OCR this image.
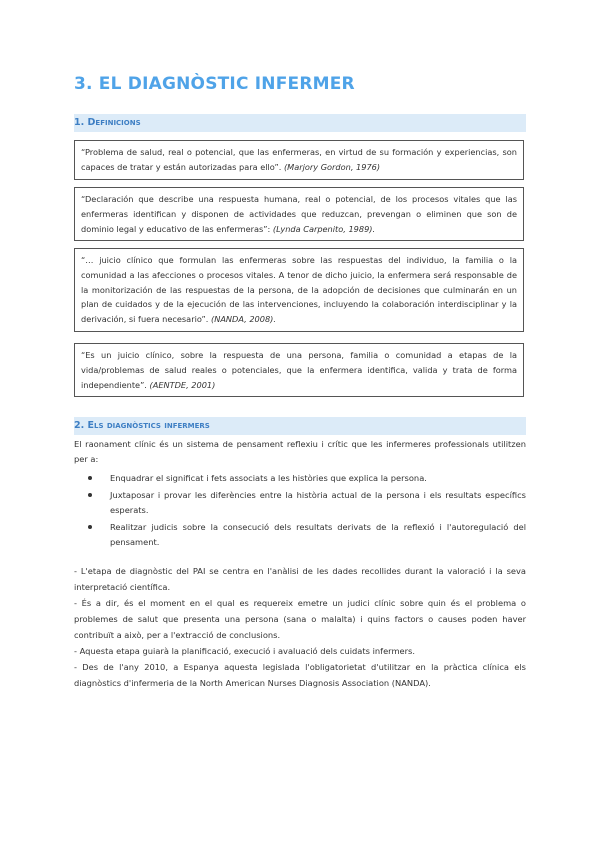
3. EL DIAGNÒSTIC INFERMER
1. Definicions
“Problema de salud, real o potencial, que las enfermeras, en virtud de su formación y experiencias, son capaces de tratar y están autorizadas para ello”. (Marjory Gordon, 1976)
“Declaración que describe una respuesta humana, real o potencial, de los procesos vitales que las enfermeras identifican y disponen de actividades que reduzcan, prevengan o eliminen que son de dominio legal y educativo de las enfermeras”: (Lynda Carpenito, 1989).
“… juicio clínico que formulan las enfermeras sobre las respuestas del individuo, la familia o la comunidad a las afecciones o procesos vitales. A tenor de dicho juicio, la enfermera será responsable de la monitorización de las respuestas de la persona, de la adopción de decisiones que culminarán en un plan de cuidados y de la ejecución de las intervenciones, incluyendo la colaboración interdisciplinar y la derivación, si fuera necesario”. (NANDA, 2008).
“Es un juicio clínico, sobre la respuesta de una persona, familia o comunidad a etapas de la vida/problemas de salud reales o potenciales, que la enfermera identifica, valida y trata de forma independiente”. (AENTDE, 2001)
2. Els diagnòstics infermers
El raonament clínic és un sistema de pensament reflexiu i crític que les infermeres professionals utilitzen per a:
Enquadrar el significat i fets associats a les històries que explica la persona.
Juxtaposar i provar les diferències entre la història actual de la persona i els resultats específics esperats.
Realitzar judicis sobre la consecució dels resultats derivats de la reflexió i l'autoregulació del pensament.

- L'etapa de diagnòstic del PAI se centra en l'anàlisi de les dades recollides durant la valoració i la seva interpretació científica.

- És a dir, és el moment en el qual es requereix emetre un judici clínic sobre quin és el problema o problemes de salut que presenta una persona (sana o malalta) i quins factors o causes poden haver contribuït a això, per a l'extracció de conclusions.

- Aquesta etapa guiarà la planificació, execució i avaluació dels cuidats infermers.

- Des de l'any 2010, a Espanya aquesta legislada l'obligatorietat d'utilitzar en la pràctica clínica els diagnòstics d'infermeria de la North American Nurses Diagnosis Association (NANDA).
